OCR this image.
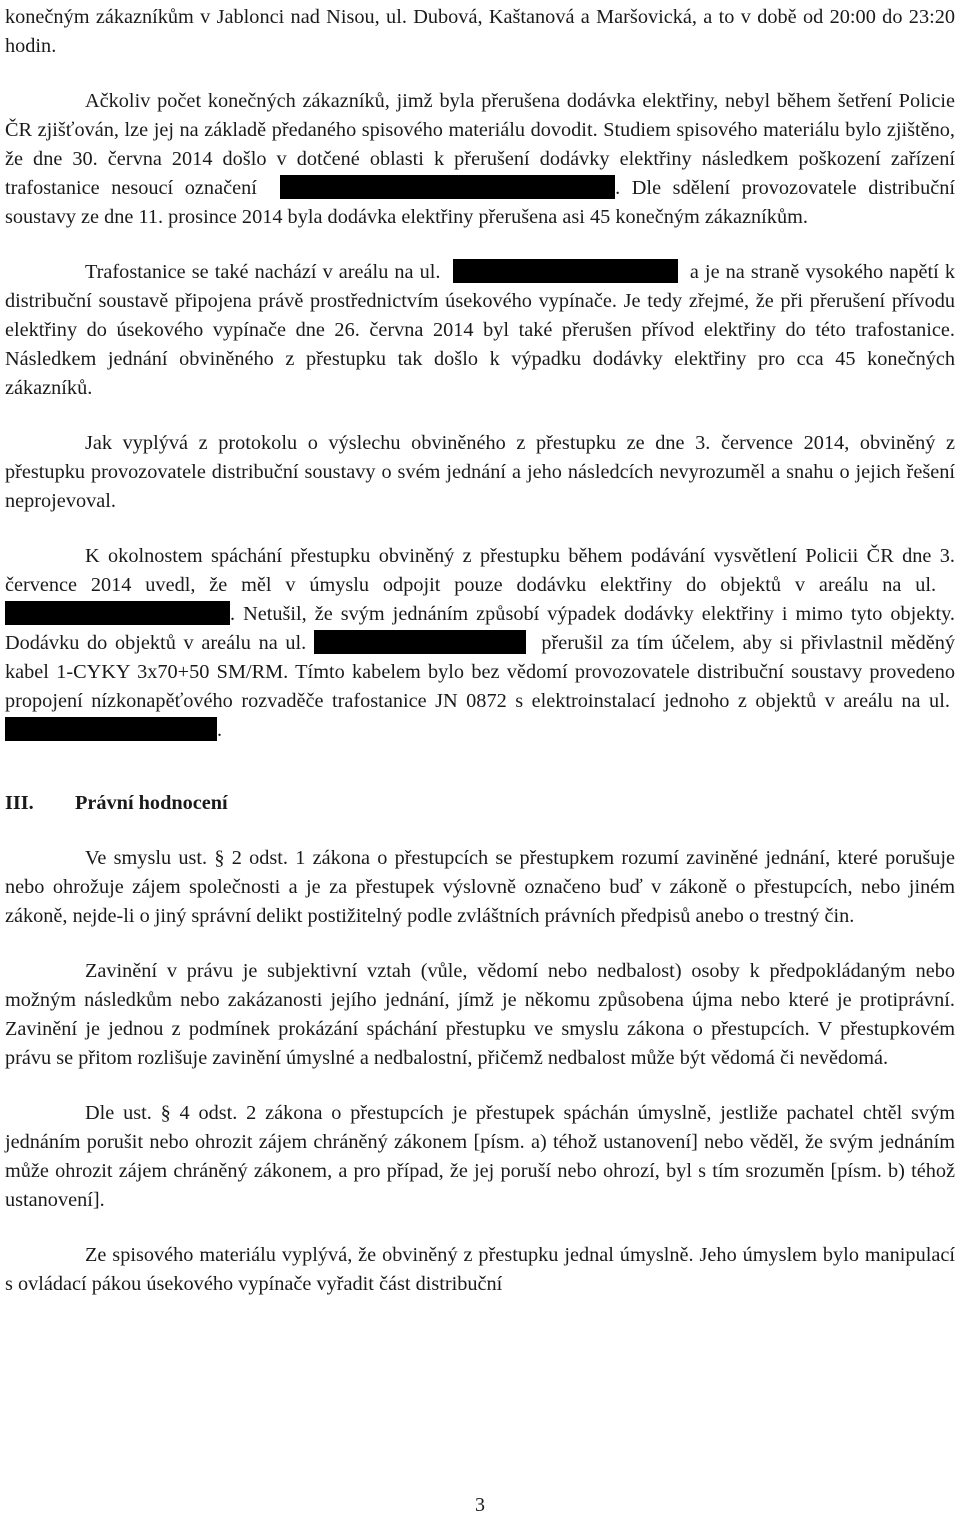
konečným zákazníkům v Jablonci nad Nisou, ul. Dubová, Kaštanová a Maršovická, a to v době od 20:00 do 23:20 hodin.

Ačkoliv počet konečných zákazníků, jimž byla přerušena dodávka elektřiny, nebyl během šetření Policie ČR zjišťován, lze jej na základě předaného spisového materiálu dovodit. Studiem spisového materiálu bylo zjištěno, že dne 30. června 2014 došlo v dotčené oblasti k přerušení dodávky elektřiny následkem poškození zařízení trafostanice nesoucí označení	. Dle sdělení provozovatele distribuční soustavy ze dne 11. prosince 2014 byla dodávka elektřiny přerušena asi 45 konečným zákazníkům.

Trafostanice se také nachází v areálu na ul.	a je na straně vysokého napětí k distribuční soustavě připojena právě prostřednictvím úsekového vypínače. Je tedy zřejmé, že při přerušení přívodu elektřiny do úsekového vypínače dne 26. června 2014 byl také přerušen přívod elektřiny do této trafostanice. Následkem jednání obviněného z přestupku tak došlo k výpadku dodávky elektřiny pro cca 45 konečných zákazníků.

Jak vyplývá z protokolu o výslechu obviněného z přestupku ze dne 3. července 2014, obviněný z přestupku provozovatele distribuční soustavy o svém jednání a jeho následcích nevyrozuměl a snahu o jejich řešení neprojevoval.

K okolnostem spáchání přestupku obviněný z přestupku během podávání vysvětlení Policii ČR dne 3. července 2014 uvedl, že měl v úmyslu odpojit pouze dodávku elektřiny do objektů v areálu na ul.  . Netušil, že svým jednáním způsobí výpadek dodávky elektřiny i mimo tyto objekty. Dodávku do objektů v areálu na ul.	přerušil za tím účelem, aby si přivlastnil měděný kabel 1-CYKY 3x70+50 SM/RM. Tímto kabelem bylo bez vědomí provozovatele distribuční soustavy provedeno propojení nízkonapěťového rozvaděče trafostanice JN 0872 s elektroinstalací jednoho z objektů v areálu na ul. .

III.	Právní hodnocení

Ve smyslu ust. § 2 odst. 1 zákona o přestupcích se přestupkem rozumí zaviněné jednání, které porušuje nebo ohrožuje zájem společnosti a je za přestupek výslovně označeno buď v zákoně o přestupcích, nebo jiném zákoně, nejde-li o jiný správní delikt postižitelný podle zvláštních právních předpisů anebo o trestný čin.

Zavinění v právu je subjektivní vztah (vůle, vědomí nebo nedbalost) osoby k předpokládaným nebo možným následkům nebo zakázanosti jejího jednání, jímž je někomu způsobena újma nebo které je protiprávní. Zavinění je jednou z podmínek prokázání spáchání přestupku ve smyslu zákona o přestupcích. V přestupkovém právu se přitom rozlišuje zavinění úmyslné a nedbalostní, přičemž nedbalost může být vědomá či nevědomá.

Dle ust. § 4 odst. 2 zákona o přestupcích je přestupek spáchán úmyslně, jestliže pachatel chtěl svým jednáním porušit nebo ohrozit zájem chráněný zákonem [písm. a) téhož ustanovení] nebo věděl, že svým jednáním může ohrozit zájem chráněný zákonem, a pro případ, že jej poruší nebo ohrozí, byl s tím srozuměn [písm. b) téhož ustanovení].

Ze spisového materiálu vyplývá, že obviněný z přestupku jednal úmyslně. Jeho úmyslem bylo manipulací s ovládací pákou úsekového vypínače vyřadit část distribuční

3
